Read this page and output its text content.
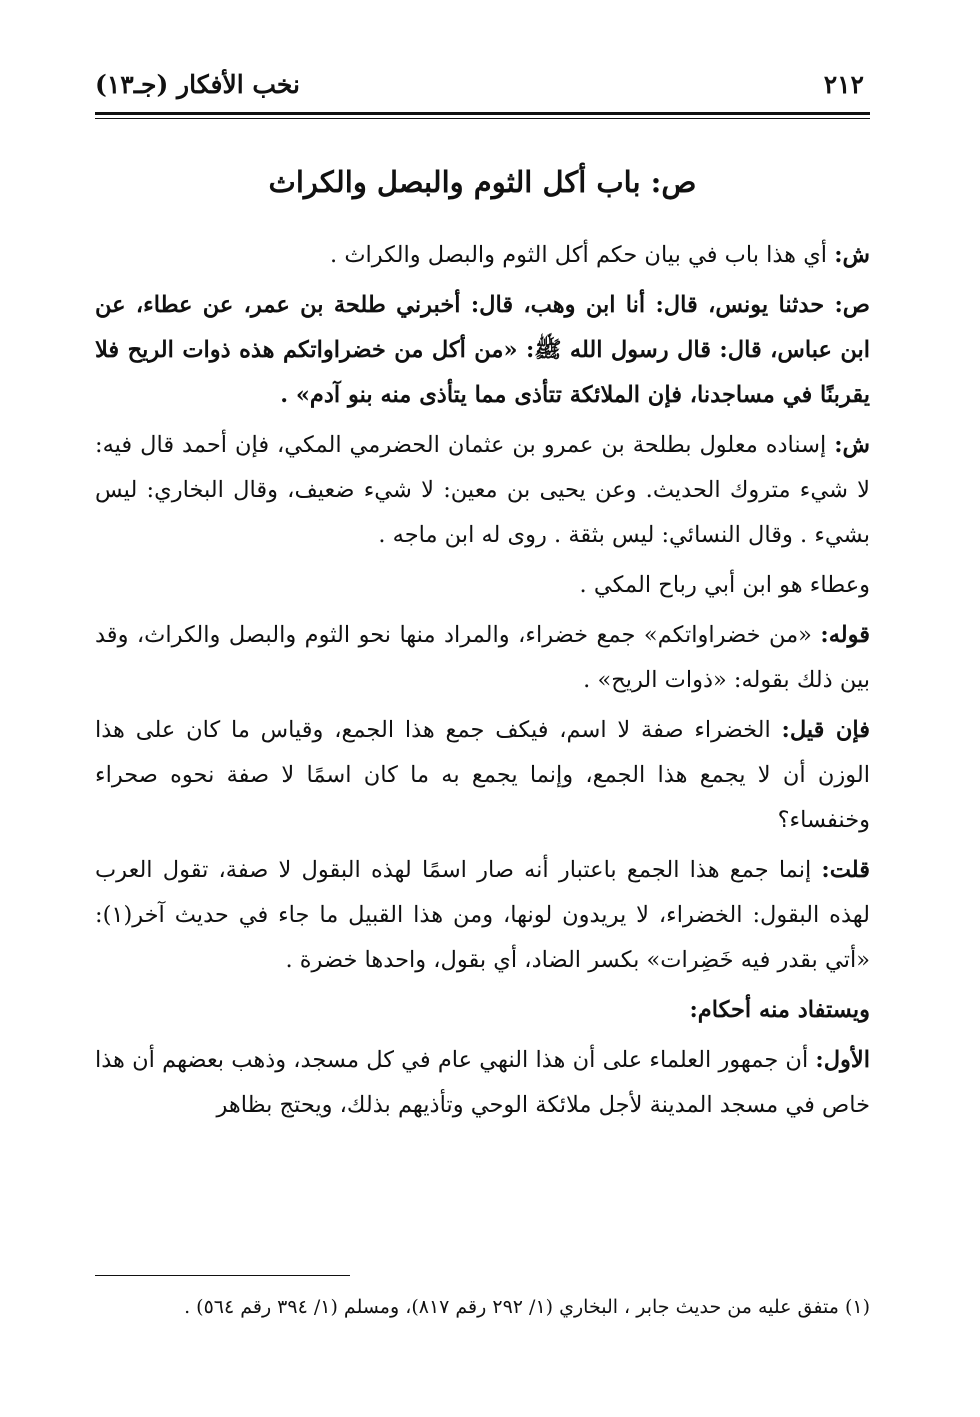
٢١٢
نخب الأفكار (جـ١٣)
ص: باب أكل الثوم والبصل والكراث

ش: أي هذا باب في بيان حكم أكل الثوم والبصل والكراث .

ص: حدثنا يونس، قال: أنا ابن وهب، قال: أخبرني طلحة بن عمر، عن عطاء، عن ابن عباس، قال: قال رسول الله ﷺ: «من أكل من خضراواتكم هذه ذوات الريح فلا يقربنًا في مساجدنا، فإن الملائكة تتأذى مما يتأذى منه بنو آدم» .

ش: إسناده معلول بطلحة بن عمرو بن عثمان الحضرمي المكي، فإن أحمد قال فيه: لا شيء متروك الحديث. وعن يحيى بن معين: لا شيء ضعيف، وقال البخاري: ليس بشيء . وقال النسائي: ليس بثقة . روى له ابن ماجه .

وعطاء هو ابن أبي رباح المكي .

قوله: «من خضراواتكم» جمع خضراء، والمراد منها نحو الثوم والبصل والكراث، وقد بين ذلك بقوله: «ذوات الريح» .

فإن قيل: الخضراء صفة لا اسم، فيكف جمع هذا الجمع، وقياس ما كان على هذا الوزن أن لا يجمع هذا الجمع، وإنما يجمع به ما كان اسمًا لا صفة نحوه صحراء وخنفساء؟

قلت: إنما جمع هذا الجمع باعتبار أنه صار اسمًا لهذه البقول لا صفة، تقول العرب لهذه البقول: الخضراء، لا يريدون لونها، ومن هذا القبيل ما جاء في حديث آخر(١): «أتي بقدر فيه خَضِرات» بكسر الضاد، أي بقول، واحدها خضرة .

ويستفاد منه أحكام:

الأول: أن جمهور العلماء على أن هذا النهي عام في كل مسجد، وذهب بعضهم أن هذا خاص في مسجد المدينة لأجل ملائكة الوحي وتأذيهم بذلك، ويحتج بظاهر

(١) متفق عليه من حديث جابر ، البخاري (١/ ٢٩٢ رقم ٨١٧)، ومسلم (١/ ٣٩٤ رقم ٥٦٤) .
